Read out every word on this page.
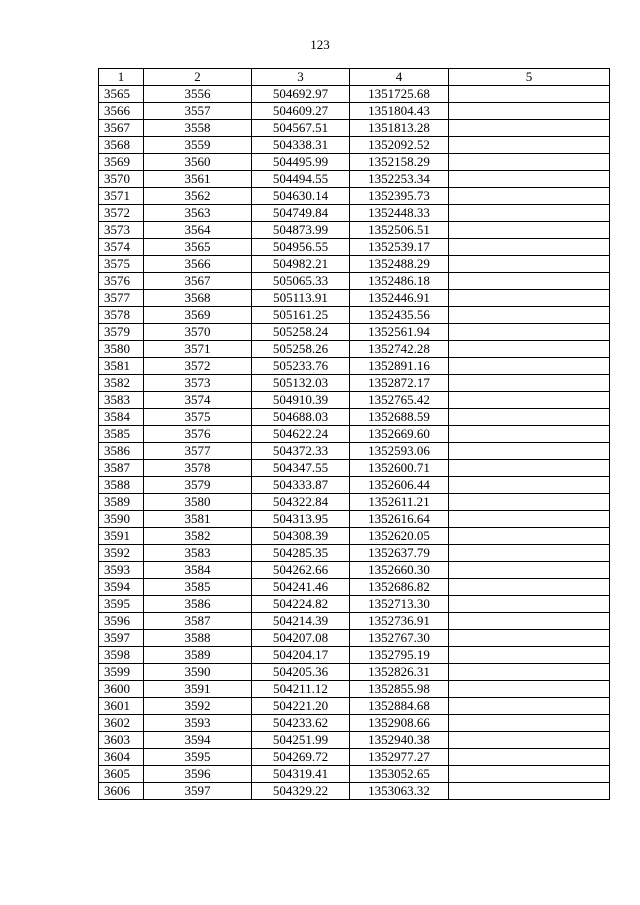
123
1	2	3	4	5
3565	3556	504692.97	1351725.68	
3566	3557	504609.27	1351804.43	
3567	3558	504567.51	1351813.28	
3568	3559	504338.31	1352092.52	
3569	3560	504495.99	1352158.29	
3570	3561	504494.55	1352253.34	
3571	3562	504630.14	1352395.73	
3572	3563	504749.84	1352448.33	
3573	3564	504873.99	1352506.51	
3574	3565	504956.55	1352539.17	
3575	3566	504982.21	1352488.29	
3576	3567	505065.33	1352486.18	
3577	3568	505113.91	1352446.91	
3578	3569	505161.25	1352435.56	
3579	3570	505258.24	1352561.94	
3580	3571	505258.26	1352742.28	
3581	3572	505233.76	1352891.16	
3582	3573	505132.03	1352872.17	
3583	3574	504910.39	1352765.42	
3584	3575	504688.03	1352688.59	
3585	3576	504622.24	1352669.60	
3586	3577	504372.33	1352593.06	
3587	3578	504347.55	1352600.71	
3588	3579	504333.87	1352606.44	
3589	3580	504322.84	1352611.21	
3590	3581	504313.95	1352616.64	
3591	3582	504308.39	1352620.05	
3592	3583	504285.35	1352637.79	
3593	3584	504262.66	1352660.30	
3594	3585	504241.46	1352686.82	
3595	3586	504224.82	1352713.30	
3596	3587	504214.39	1352736.91	
3597	3588	504207.08	1352767.30	
3598	3589	504204.17	1352795.19	
3599	3590	504205.36	1352826.31	
3600	3591	504211.12	1352855.98	
3601	3592	504221.20	1352884.68	
3602	3593	504233.62	1352908.66	
3603	3594	504251.99	1352940.38	
3604	3595	504269.72	1352977.27	
3605	3596	504319.41	1353052.65	
3606	3597	504329.22	1353063.32	
